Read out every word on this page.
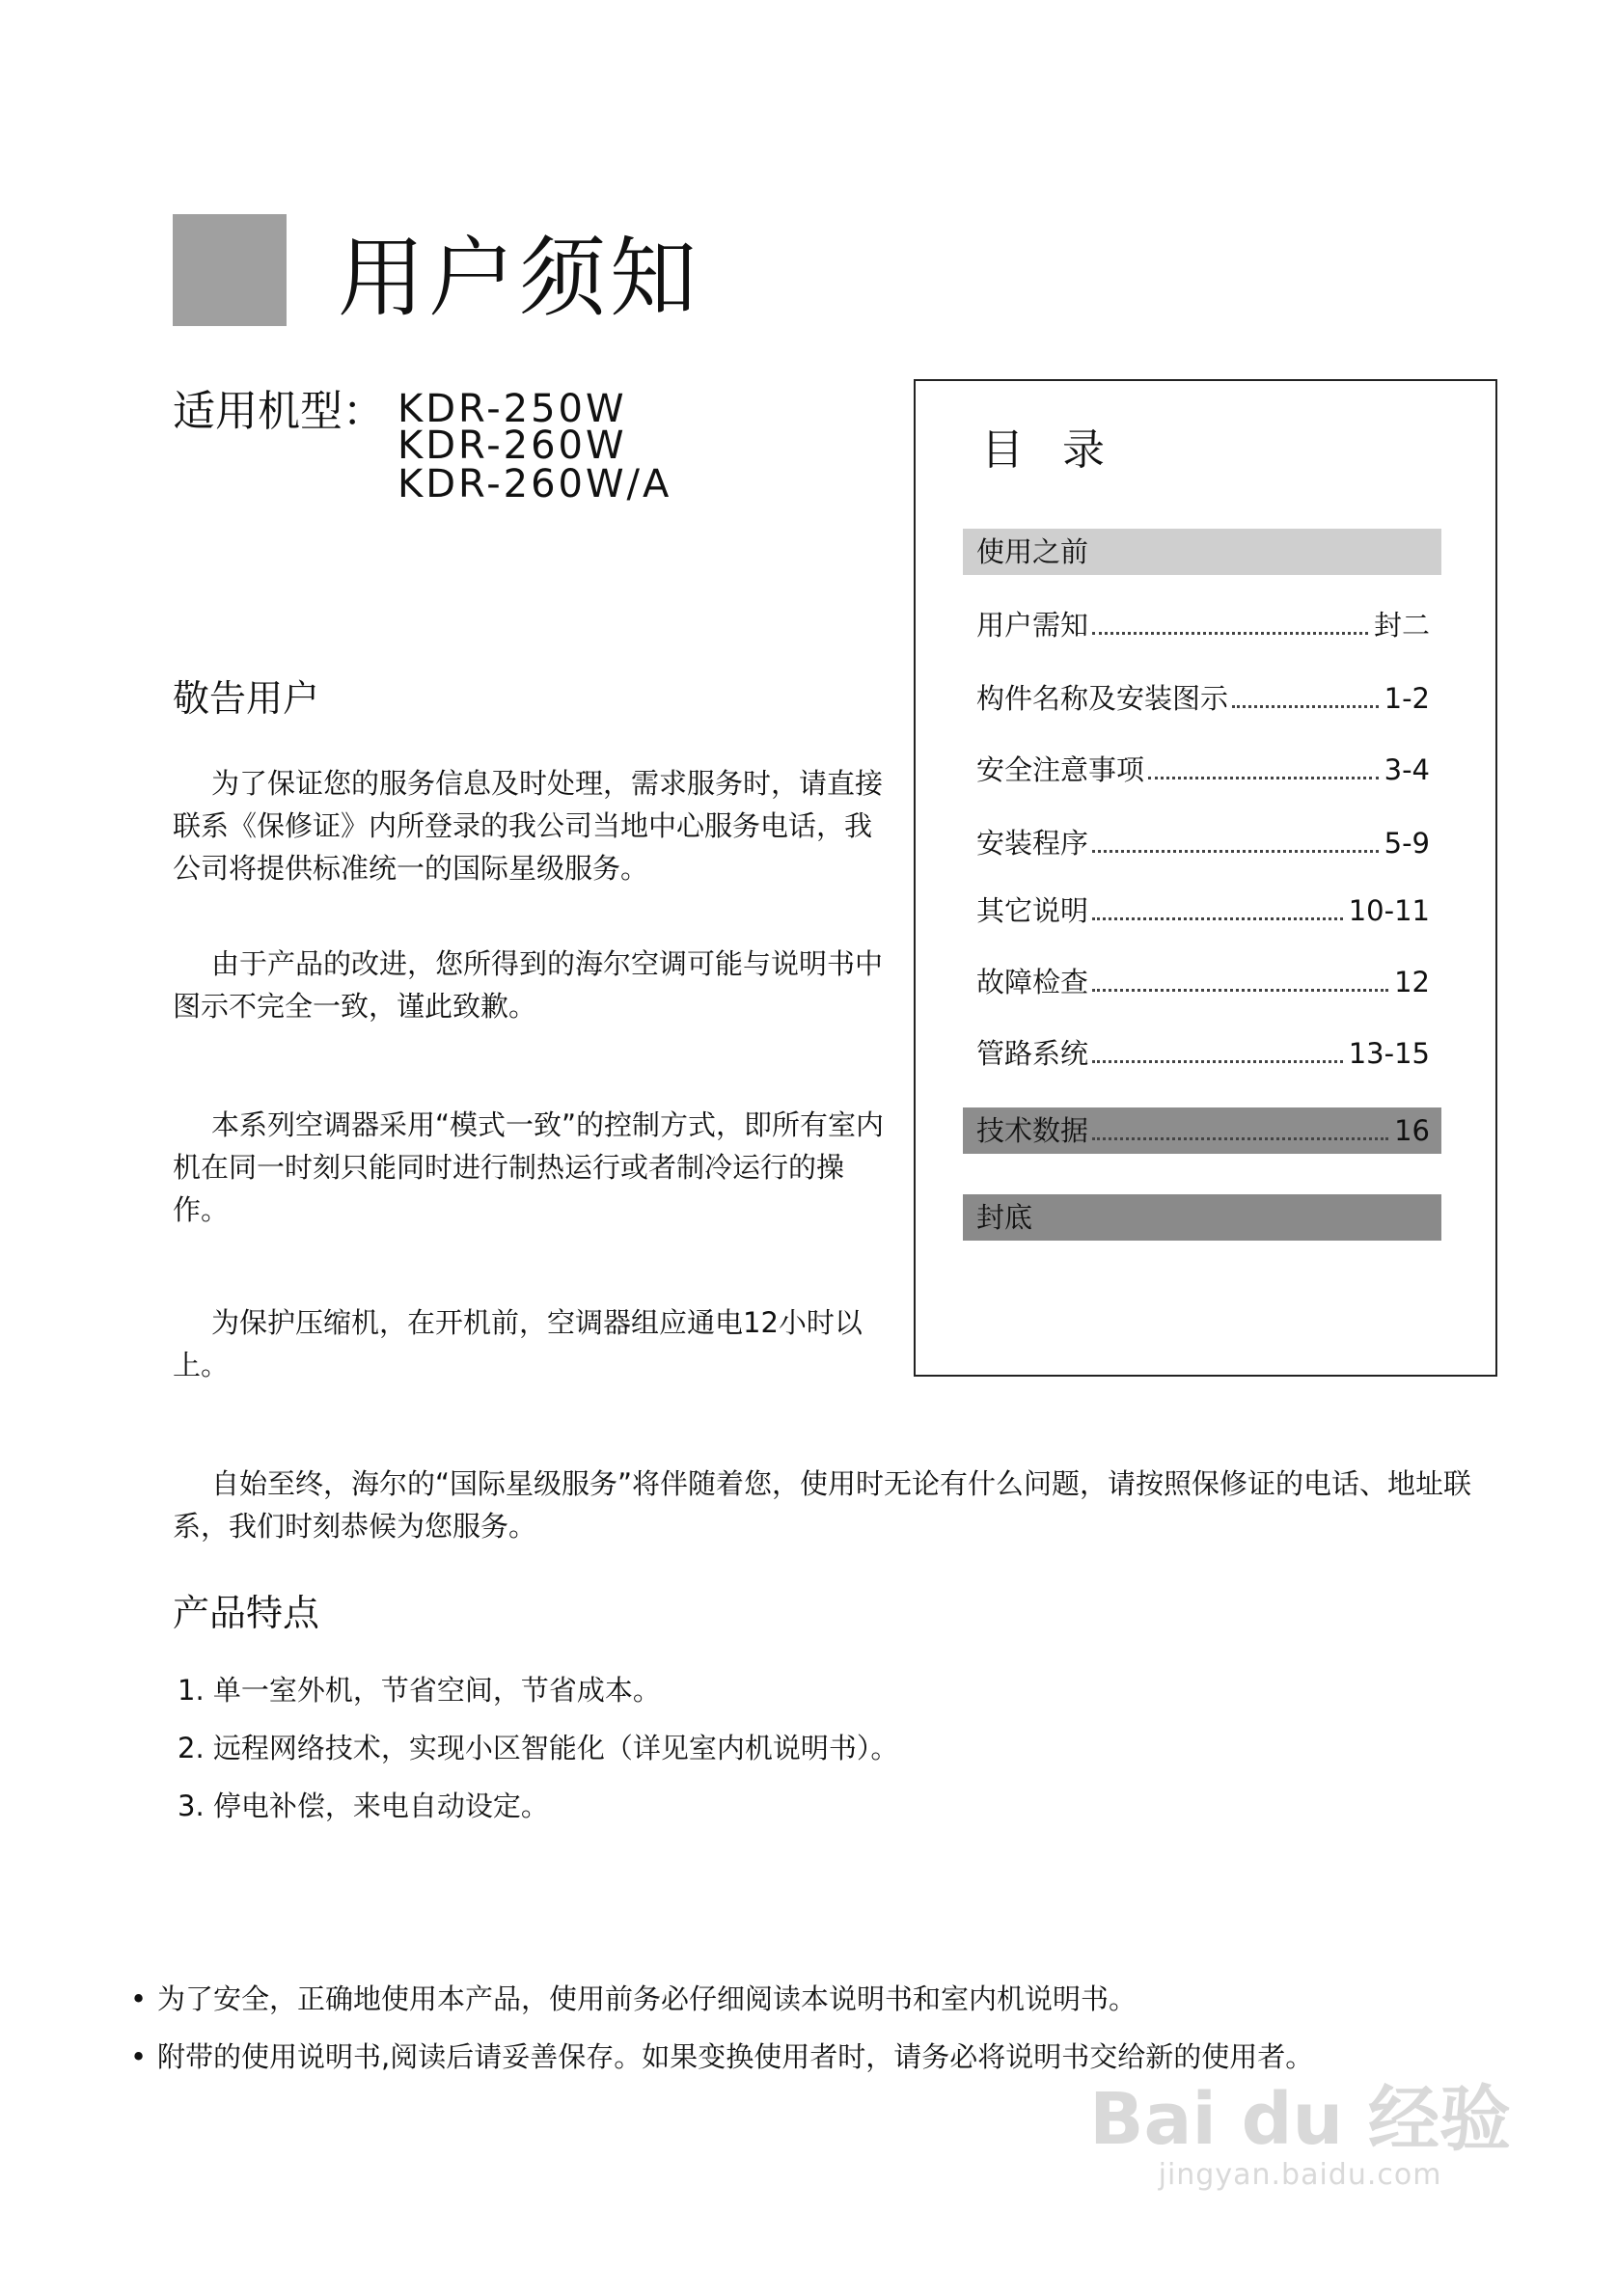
用户须知
适用机型： KDR-250W
KDR-260W
KDR-260W/A
敬告用户

为了保证您的服务信息及时处理，需求服务时，请直接联系《保修证》内所登录的我公司当地中心服务电话，我公司将提供标准统一的国际星级服务。

由于产品的改进，您所得到的海尔空调可能与说明书中图示不完全一致，谨此致歉。

本系列空调器采用“模式一致”的控制方式，即所有室内机在同一时刻只能同时进行制热运行或者制冷运行的操作。

为保护压缩机，在开机前，空调器组应通电12小时以上。

自始至终，海尔的“国际星级服务”将伴随着您，使用时无论有什么问题，请按照保修证的电话、地址联系，我们时刻恭候为您服务。

目录
使用之前
用户需知	封二
构件名称及安装图示	1-2
安全注意事项	3-4
安装程序	5-9
其它说明	10-11
故障检查	12
管路系统	13-15
技术数据	16
封底
产品特点
1. 单一室外机，节省空间，节省成本。
2. 远程网络技术，实现小区智能化（详见室内机说明书）。
3. 停电补偿，来电自动设定。
• 为了安全，正确地使用本产品，使用前务必仔细阅读本说明书和室内机说明书。
• 附带的使用说明书,阅读后请妥善保存。如果变换使用者时，请务必将说明书交给新的使用者。
Bai du 经验
jingyan.baidu.com
